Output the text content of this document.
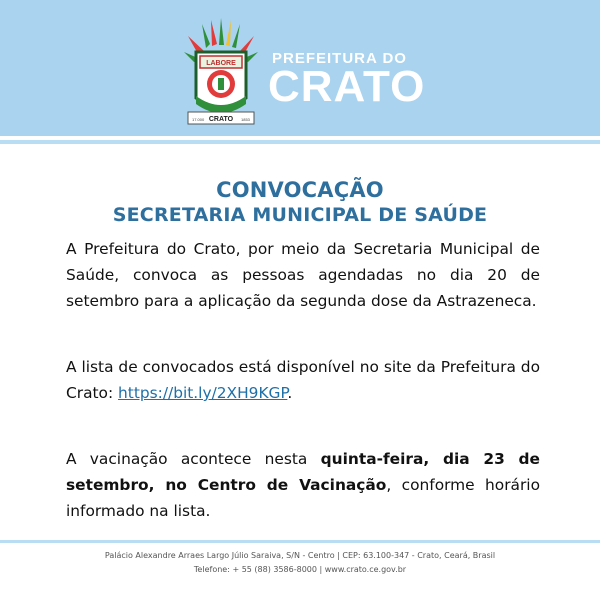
LABORE
CRATO
17.000	1853
PREFEITURA DO
CRATO
CONVOCAÇÃO
SECRETARIA MUNICIPAL DE SAÚDE

A Prefeitura do Crato, por meio da Secretaria Municipal de Saúde, convoca as pessoas agendadas no dia 20 de setembro para a aplicação da segunda dose da Astrazeneca.

A lista de convocados está disponível no site da Prefeitura do Crato: https://bit.ly/2XH9KGP.

A vacinação acontece nesta quinta-feira, dia 23 de setembro, no Centro de Vacinação, conforme horário informado na lista.

Palácio Alexandre Arraes Largo Júlio Saraiva, S/N - Centro | CEP: 63.100-347 - Crato, Ceará, Brasil
Telefone: + 55 (88) 3586-8000 | www.crato.ce.gov.br
